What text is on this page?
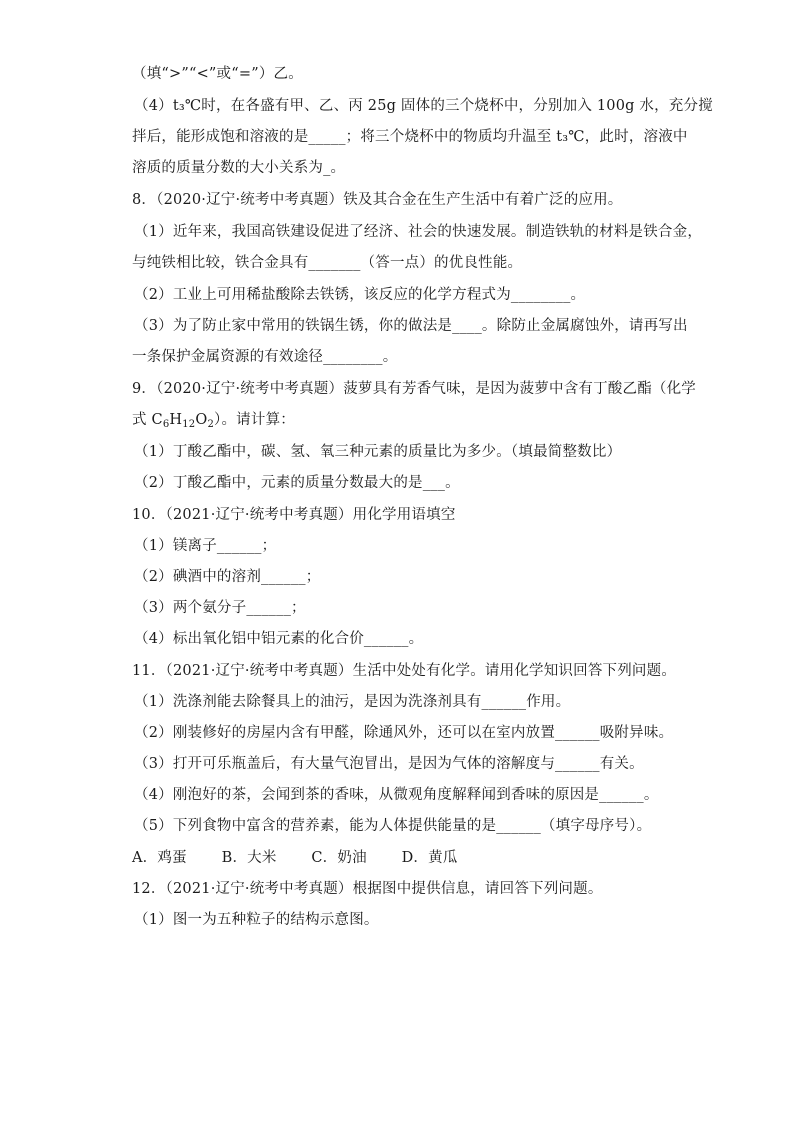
（填“>”“<”或“=”）乙。
（4）t₃℃时，在各盛有甲、乙、丙 25g 固体的三个烧杯中，分别加入 100g 水，充分搅
拌后，能形成饱和溶液的是_____；将三个烧杯中的物质均升温至 t₃℃，此时，溶液中
溶质的质量分数的大小关系为_。
8．（2020·辽宁·统考中考真题）铁及其合金在生产生活中有着广泛的应用。
（1）近年来，我国高铁建设促进了经济、社会的快速发展。制造铁轨的材料是铁合金，
与纯铁相比较，铁合金具有_______（答一点）的优良性能。
（2）工业上可用稀盐酸除去铁锈，该反应的化学方程式为________。
（3）为了防止家中常用的铁锅生锈，你的做法是____。除防止金属腐蚀外，请再写出
一条保护金属资源的有效途径________。
9．（2020·辽宁·统考中考真题）菠萝具有芳香气味，是因为菠萝中含有丁酸乙酯（化学
式 $C_6H_{12}O_2$）。请计算：
（1）丁酸乙酯中，碳、氢、氧三种元素的质量比为多少。（填最简整数比）
（2）丁酸乙酯中，元素的质量分数最大的是___。
10．（2021·辽宁·统考中考真题）用化学用语填空
（1）镁离子______；
（2）碘酒中的溶剂______；
（3）两个氨分子______；
（4）标出氧化铝中铝元素的化合价______。
11．（2021·辽宁·统考中考真题）生活中处处有化学。请用化学知识回答下列问题。
（1）洗涤剂能去除餐具上的油污，是因为洗涤剂具有______作用。
（2）刚装修好的房屋内含有甲醛，除通风外，还可以在室内放置______吸附异味。
（3）打开可乐瓶盖后，有大量气泡冒出，是因为气体的溶解度与______有关。
（4）刚泡好的茶，会闻到茶的香味，从微观角度解释闻到香味的原因是______。
（5）下列食物中富含的营养素，能为人体提供能量的是______（填字母序号）。
A．鸡蛋 B．大米 C．奶油 D．黄瓜
12．（2021·辽宁·统考中考真题）根据图中提供信息，请回答下列问题。
（1）图一为五种粒子的结构示意图。
